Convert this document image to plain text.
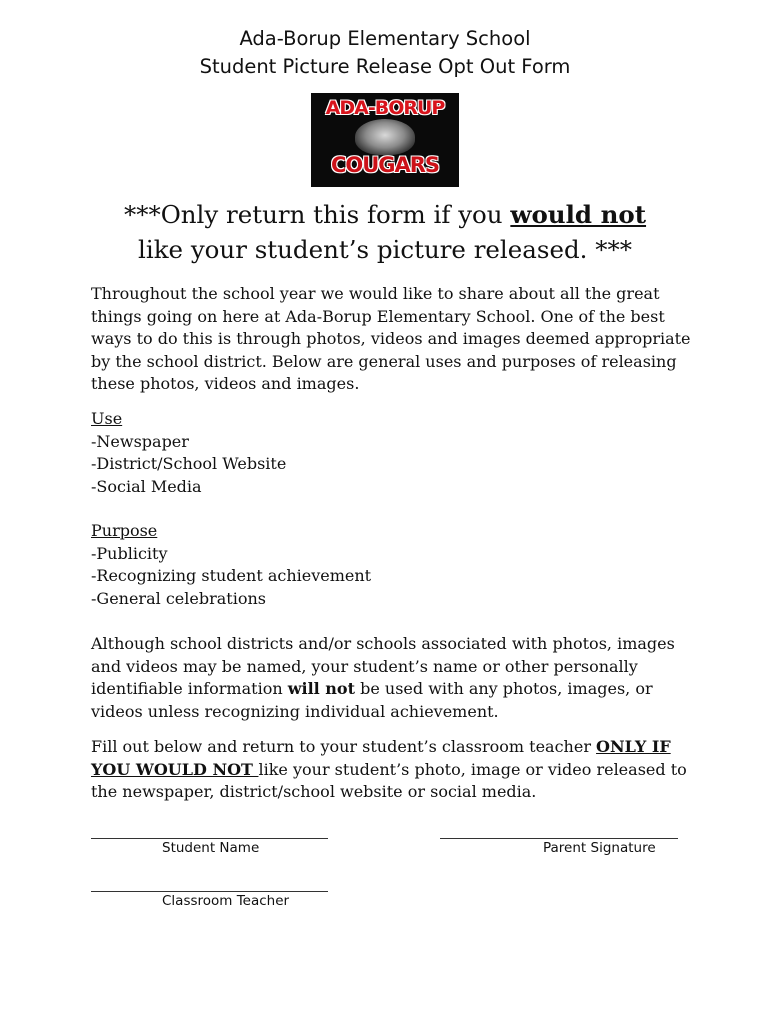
Ada-Borup Elementary School
Student Picture Release Opt Out Form
ADA-BORUP
COUGARS
***Only return this form if you would not
like your student’s picture released. ***

Throughout the school year we would like to share about all the great things going on here at Ada-Borup Elementary School. One of the best ways to do this is through photos, videos and images deemed appropriate by the school district. Below are general uses and purposes of releasing these photos, videos and images.

Use
-Newspaper
-District/School Website
-Social Media
Purpose
-Publicity
-Recognizing student achievement
-General celebrations

Although school districts and/or schools associated with photos, images and videos may be named, your student’s name or other personally identifiable information will not be used with any photos, images, or videos unless recognizing individual achievement.

Fill out below and return to your student’s classroom teacher ONLY IF YOU WOULD NOT like your student’s photo, image or video released to the newspaper, district/school website or social media.

Student Name	Parent Signature
Classroom Teacher
